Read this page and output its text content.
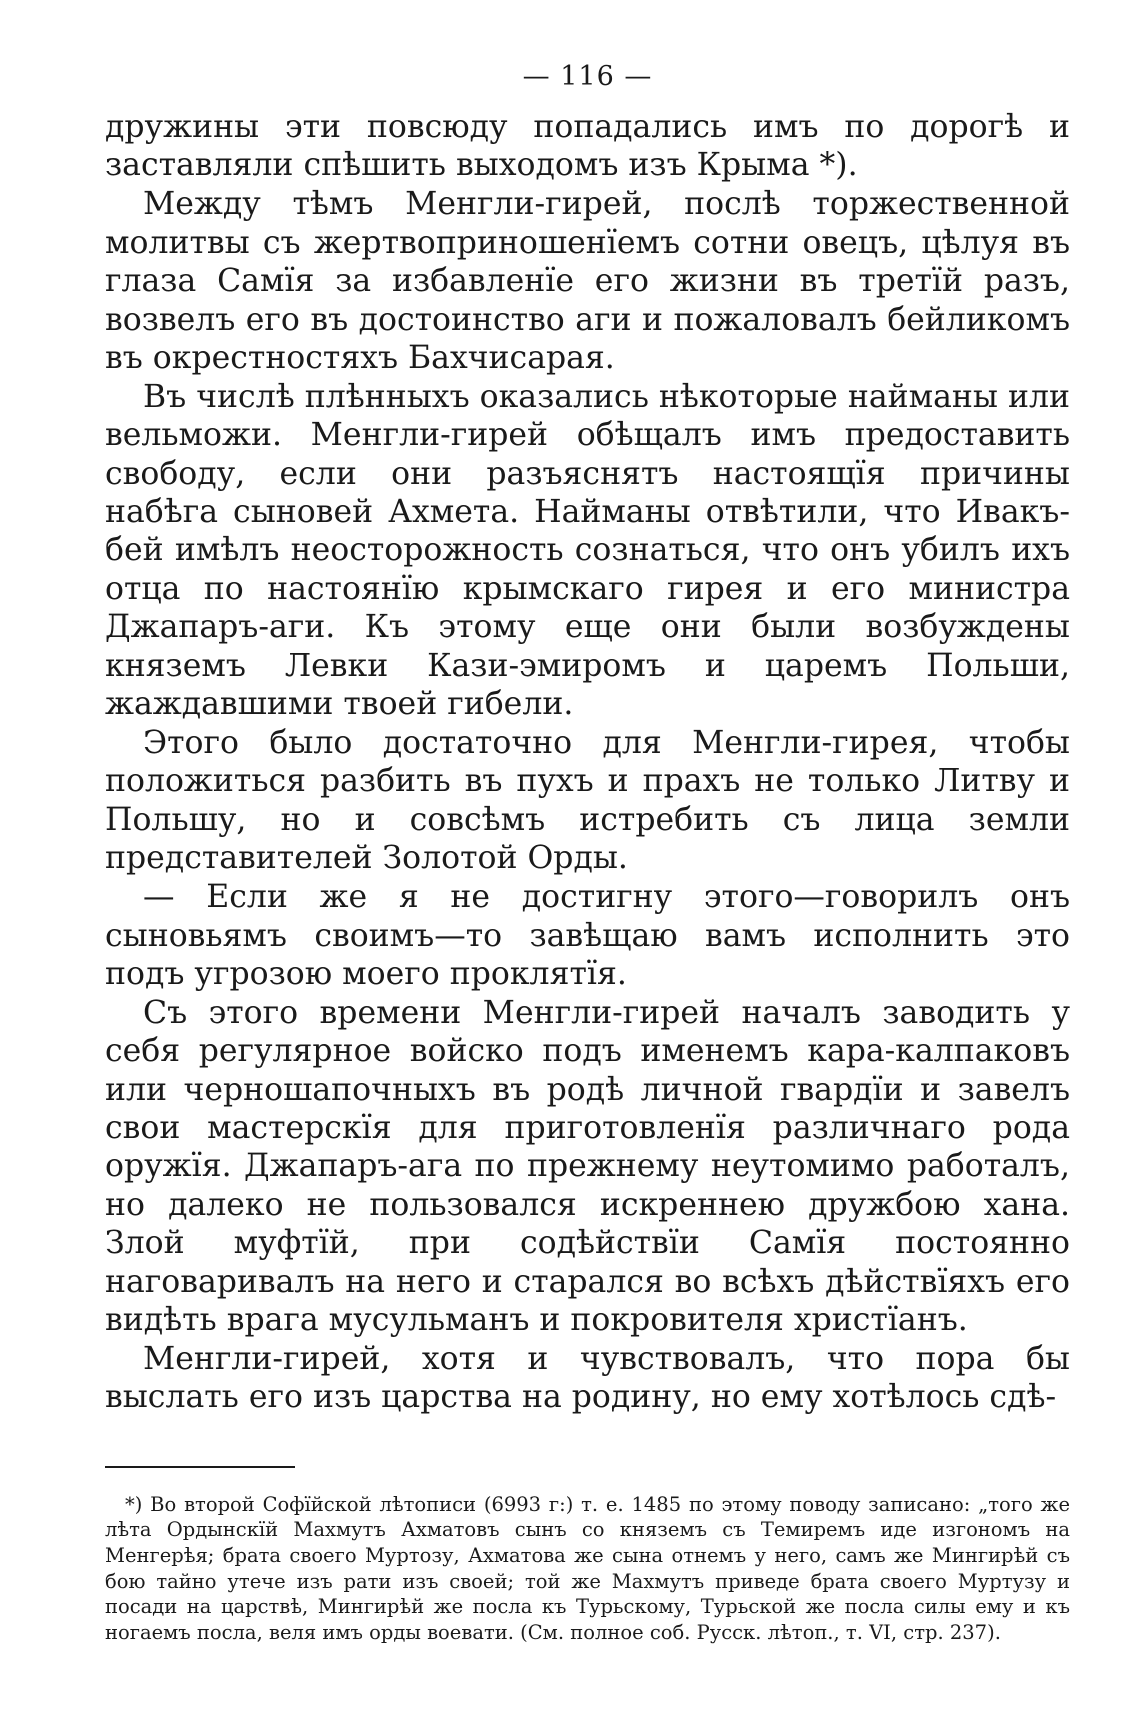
— 116 —

дружины эти повсюду попадались имъ по дорогѣ и заставляли спѣшить выходомъ изъ Крыма *).

Между тѣмъ Менгли-гирей, послѣ торжественной молитвы съ жертвоприношенїемъ сотни овецъ, цѣлуя въ глаза Самїя за избавленїе его жизни въ третїй разъ, возвелъ его въ достоинство аги и пожаловалъ бейликомъ въ окрестностяхъ Бахчисарая.

Въ числѣ плѣнныхъ оказались нѣкоторые найманы или вельможи. Менгли-гирей обѣщалъ имъ предоставить свободу, если они разъяснятъ настоящїя причины набѣга сыновей Ахмета. Найманы отвѣтили, что Ивакъ-бей имѣлъ неосторожность сознаться, что онъ убилъ ихъ отца по настоянїю крымскаго гирея и его министра Джапаръ-аги. Къ этому еще они были возбуждены княземъ Левки Кази-эмиромъ и царемъ Польши, жаждавшими твоей гибели.

Этого было достаточно для Менгли-гирея, чтобы положиться разбить въ пухъ и прахъ не только Литву и Польшу, но и совсѣмъ истребить съ лица земли представителей Золотой Орды.

— Если же я не достигну этого—говорилъ онъ сыновьямъ своимъ—то завѣщаю вамъ исполнить это подъ угрозою моего проклятїя.

Съ этого времени Менгли-гирей началъ заводить у себя регулярное войско подъ именемъ кара-калпаковъ или черношапочныхъ въ родѣ личной гвардїи и завелъ свои мастерскїя для приготовленїя различнаго рода оружїя. Джапаръ-ага по прежнему неутомимо работалъ, но далеко не пользовался искреннею дружбою хана. Злой муфтїй, при содѣйствїи Самїя постоянно наговаривалъ на него и старался во всѣхъ дѣйствїяхъ его видѣть врага мусульманъ и покровителя христїанъ.

Менгли-гирей, хотя и чувствовалъ, что пора бы выслать его изъ царства на родину, но ему хотѣлось сдѣ-

*) Во второй Софїйской лѣтописи (6993 г:) т. е. 1485 по этому поводу записано: „того же лѣта Ордынскїй Махмутъ Ахматовъ сынъ со княземъ съ Темиремъ иде изгономъ на Менгерѣя; брата своего Муртозу, Ахматова же сына отнемъ у него, самъ же Мингирѣй съ бою тайно утече изъ рати изъ своей; той же Махмутъ приведе брата своего Муртузу и посади на царствѣ, Мингирѣй же посла къ Турьскому, Турьской же посла силы ему и къ ногаемъ посла, веля имъ орды воевати. (См. полное соб. Русск. лѣтоп., т. VI, стр. 237).
